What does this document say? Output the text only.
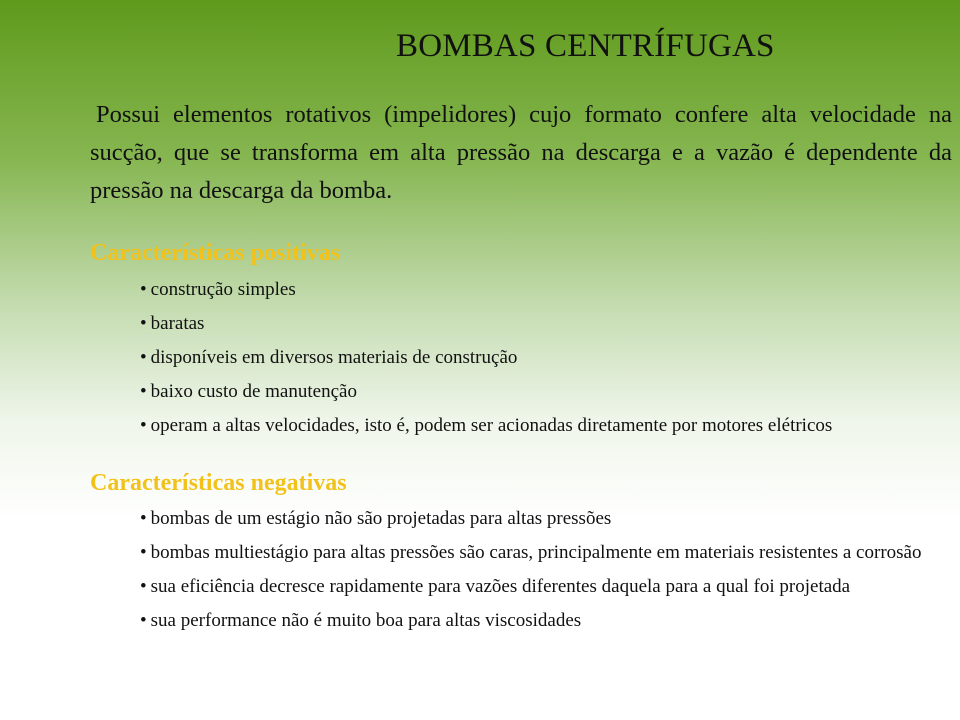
BOMBAS CENTRÍFUGAS

Possui elementos rotativos (impelidores) cujo formato confere alta velocidade na sucção, que se transforma em alta pressão na descarga e a vazão é dependente da pressão na descarga da bomba.

Características positivas
• construção simples
• baratas
• disponíveis em diversos materiais de construção
• baixo custo de manutenção
• operam a altas velocidades, isto é, podem ser acionadas diretamente por motores elétricos
Características negativas
• bombas de um estágio não são projetadas para altas pressões
• bombas multiestágio para altas pressões são caras, principalmente em materiais resistentes a corrosão
• sua eficiência decresce rapidamente para vazões diferentes daquela para a qual foi projetada
• sua performance não é muito boa para altas viscosidades
